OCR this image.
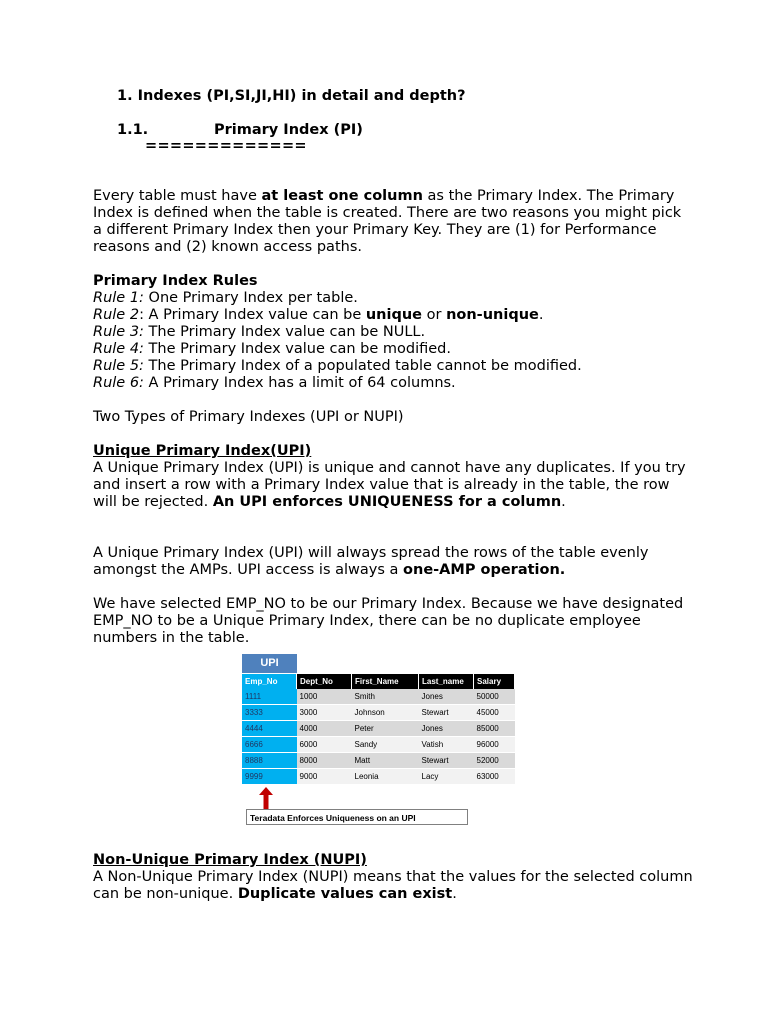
1. Indexes (PI,SI,JI,HI) in detail and depth?
1.1.	Primary Index (PI)
=============

Every table must have at least one column as the Primary Index. The Primary Index is defined when the table is created. There are two reasons you might pick a different Primary Index then your Primary Key. They are (1) for Performance reasons and (2) known access paths.

Primary Index Rules
Rule 1: One Primary Index per table.
Rule 2: A Primary Index value can be unique or non-unique.
Rule 3: The Primary Index value can be NULL.
Rule 4: The Primary Index value can be modified.
Rule 5: The Primary Index of a populated table cannot be modified.
Rule 6: A Primary Index has a limit of 64 columns.
Two Types of Primary Indexes (UPI or NUPI)
Unique Primary Index(UPI)

A Unique Primary Index (UPI) is unique and cannot have any duplicates. If you try and insert a row with a Primary Index value that is already in the table, the row will be rejected. An UPI enforces UNIQUENESS for a column.

A Unique Primary Index (UPI) will always spread the rows of the table evenly amongst the AMPs. UPI access is always a one-AMP operation.

We have selected EMP_NO to be our Primary Index. Because we have designated EMP_NO to be a Unique Primary Index, there can be no duplicate employee numbers in the table.

UPI
Emp_No	Dept_No	First_Name	Last_name	Salary
1111	1000	Smith	Jones	50000
3333	3000	Johnson	Stewart	45000
4444	4000	Peter	Jones	85000
6666	6000	Sandy	Vatish	96000
8888	8000	Matt	Stewart	52000
9999	9000	Leonia	Lacy	63000
Teradata Enforces Uniqueness on an UPI
Non-Unique Primary Index (NUPI)

A Non-Unique Primary Index (NUPI) means that the values for the selected column can be non-unique. Duplicate values can exist.
